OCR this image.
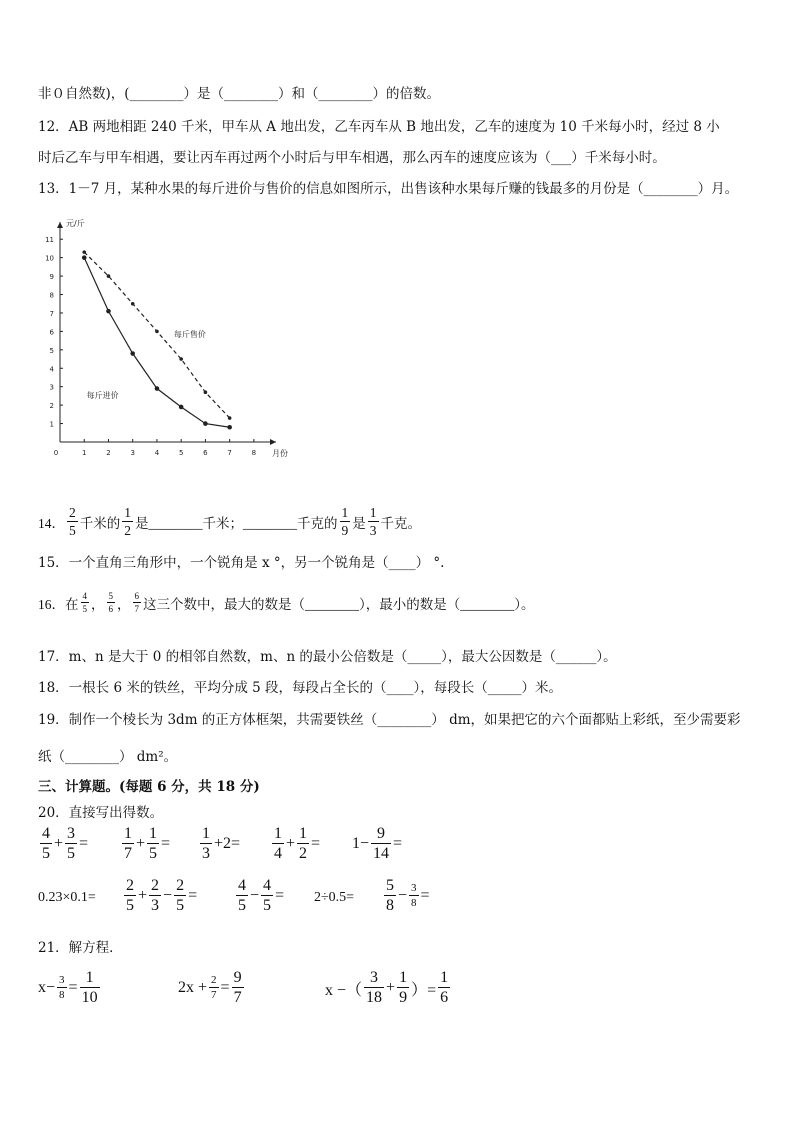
非０自然数)，(________）是（________）和（________）的倍数。
12．AB 两地相距 240 千米，甲车从 A 地出发，乙车丙车从 B 地出发，乙车的速度为 10 千米每小时，经过 8 小
时后乙车与甲车相遇，要让丙车再过两个小时后与甲车相遇，那么丙车的速度应该为（___）千米每小时。
13．1－7 月，某种水果的每斤进价与售价的信息如图所示，出售该种水果每斤赚的钱最多的月份是（________）月。
元/斤
月份
0	1	2	3	4	5	6	7	8
1
2
3
4
5
6
7
8
9
10
11
每斤售价
每斤进价
14． $\frac{2}{5}$ 千米的 $\frac{1}{2}$ 是________千米；________千克的 $\frac{1}{9}$ 是 $\frac{1}{3}$ 千克。
15．一个直角三角形中，一个锐角是 x °，另一个锐角是（____） °.
16．在 $\frac{4}{5}$ ， $\frac{5}{6}$ ， $\frac{6}{7}$ 这三个数中，最大的数是（________），最小的数是（________）。
17．m、n 是大于 0 的相邻自然数，m、n 的最小公倍数是（_____），最大公因数是（______）。
18．一根长 6 米的铁丝，平均分成 5 段，每段占全长的（____），每段长（_____）米。
19．制作一个棱长为 3dm 的正方体框架，共需要铁丝（________） dm，如果把它的六个面都贴上彩纸，至少需要彩
纸（________） dm²。
三、计算题。(每题 6 分，共 18 分)
20．直接写出得数。
$\frac{4}{5} + \frac{3}{5} = \frac{1}{7} + \frac{1}{5} = \frac{1}{3} +2= \frac{1}{4} + \frac{1}{2} = 1- \frac{9}{14}$ =
$0.23\times 0.1= \frac{2}{5} + \frac{2}{3} - \frac{2}{5} = \frac{4}{5} - \frac{4}{5} = 2\div 0.5= \frac{5}{8} - \frac{3}{8}$ =
21．解方程．
$x- \frac{3}{8} = \frac{1}{10}$	$2x + \frac{2}{7} = \frac{9}{7}$	x −（ $\frac{3}{18} + \frac{1}{9}$ ）= $\frac{1}{6}$
